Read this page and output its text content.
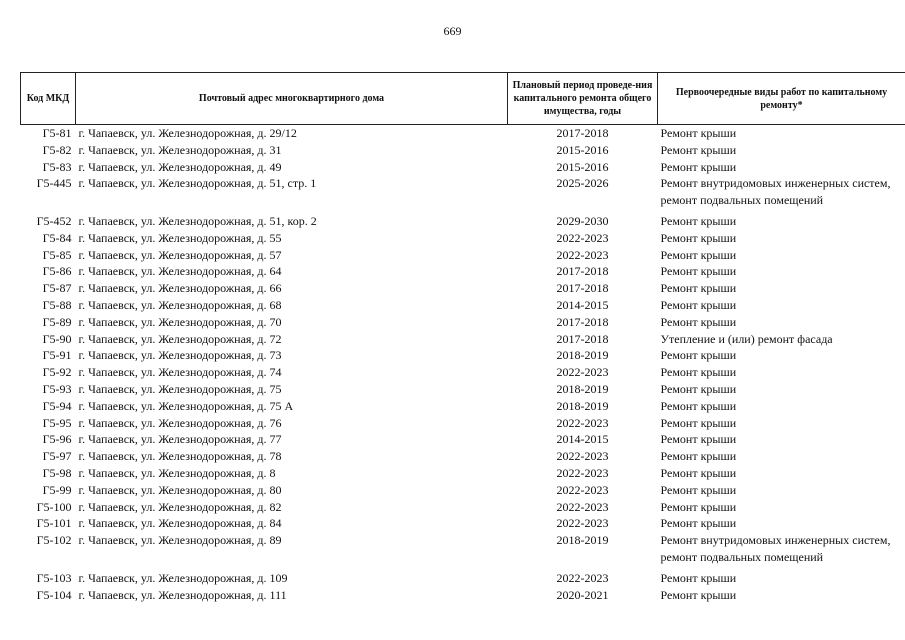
669
Код МКД	Почтовый адрес многоквартирного дома	Плановый период проведе-ния капитального ремонта общего имущества, годы	Первоочередные виды работ по капитальному ремонту*
Г5-81	г. Чапаевск, ул. Железнодорожная, д. 29/12	2017-2018	Ремонт крыши
Г5-82	г. Чапаевск, ул. Железнодорожная, д. 31	2015-2016	Ремонт крыши
Г5-83	г. Чапаевск, ул. Железнодорожная, д. 49	2015-2016	Ремонт крыши
Г5-445	г. Чапаевск, ул. Железнодорожная, д. 51, стр. 1	2025-2026	Ремонт внутридомовых инженерных систем, ремонт подвальных помещений
Г5-452	г. Чапаевск, ул. Железнодорожная, д. 51, кор. 2	2029-2030	Ремонт крыши
Г5-84	г. Чапаевск, ул. Железнодорожная, д. 55	2022-2023	Ремонт крыши
Г5-85	г. Чапаевск, ул. Железнодорожная, д. 57	2022-2023	Ремонт крыши
Г5-86	г. Чапаевск, ул. Железнодорожная, д. 64	2017-2018	Ремонт крыши
Г5-87	г. Чапаевск, ул. Железнодорожная, д. 66	2017-2018	Ремонт крыши
Г5-88	г. Чапаевск, ул. Железнодорожная, д. 68	2014-2015	Ремонт крыши
Г5-89	г. Чапаевск, ул. Железнодорожная, д. 70	2017-2018	Ремонт крыши
Г5-90	г. Чапаевск, ул. Железнодорожная, д. 72	2017-2018	Утепление и (или) ремонт фасада
Г5-91	г. Чапаевск, ул. Железнодорожная, д. 73	2018-2019	Ремонт крыши
Г5-92	г. Чапаевск, ул. Железнодорожная, д. 74	2022-2023	Ремонт крыши
Г5-93	г. Чапаевск, ул. Железнодорожная, д. 75	2018-2019	Ремонт крыши
Г5-94	г. Чапаевск, ул. Железнодорожная, д. 75 А	2018-2019	Ремонт крыши
Г5-95	г. Чапаевск, ул. Железнодорожная, д. 76	2022-2023	Ремонт крыши
Г5-96	г. Чапаевск, ул. Железнодорожная, д. 77	2014-2015	Ремонт крыши
Г5-97	г. Чапаевск, ул. Железнодорожная, д. 78	2022-2023	Ремонт крыши
Г5-98	г. Чапаевск, ул. Железнодорожная, д. 8	2022-2023	Ремонт крыши
Г5-99	г. Чапаевск, ул. Железнодорожная, д. 80	2022-2023	Ремонт крыши
Г5-100	г. Чапаевск, ул. Железнодорожная, д. 82	2022-2023	Ремонт крыши
Г5-101	г. Чапаевск, ул. Железнодорожная, д. 84	2022-2023	Ремонт крыши
Г5-102	г. Чапаевск, ул. Железнодорожная, д. 89	2018-2019	Ремонт внутридомовых инженерных систем, ремонт подвальных помещений
Г5-103	г. Чапаевск, ул. Железнодорожная, д. 109	2022-2023	Ремонт крыши
Г5-104	г. Чапаевск, ул. Железнодорожная, д. 111	2020-2021	Ремонт крыши
